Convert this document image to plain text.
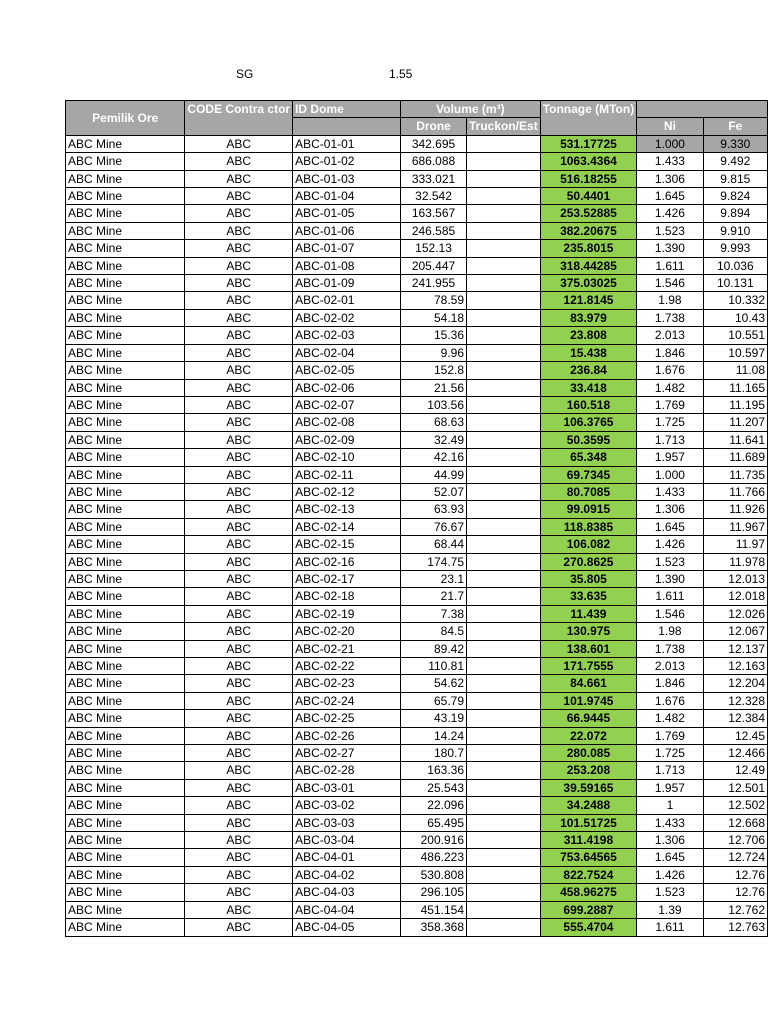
SG	1.55
Pemilik Ore	CODE Contra ctor	ID Dome	Volume (m³)		Tonnage (MTon)		
			Drone	Truckon/Est		Ni	Fe
ABC Mine	ABC	ABC-01-01	342.695		531.17725	1.000	9.330
ABC Mine	ABC	ABC-01-02	686.088		1063.4364	1.433	9.492
ABC Mine	ABC	ABC-01-03	333.021		516.18255	1.306	9.815
ABC Mine	ABC	ABC-01-04	32.542		50.4401	1.645	9.824
ABC Mine	ABC	ABC-01-05	163.567		253.52885	1.426	9.894
ABC Mine	ABC	ABC-01-06	246.585		382.20675	1.523	9.910
ABC Mine	ABC	ABC-01-07	152.13		235.8015	1.390	9.993
ABC Mine	ABC	ABC-01-08	205.447		318.44285	1.611	10.036
ABC Mine	ABC	ABC-01-09	241.955		375.03025	1.546	10.131
ABC Mine	ABC	ABC-02-01	78.59		121.8145	1.98	10.332
ABC Mine	ABC	ABC-02-02	54.18		83.979	1.738	10.43
ABC Mine	ABC	ABC-02-03	15.36		23.808	2.013	10.551
ABC Mine	ABC	ABC-02-04	9.96		15.438	1.846	10.597
ABC Mine	ABC	ABC-02-05	152.8		236.84	1.676	11.08
ABC Mine	ABC	ABC-02-06	21.56		33.418	1.482	11.165
ABC Mine	ABC	ABC-02-07	103.56		160.518	1.769	11.195
ABC Mine	ABC	ABC-02-08	68.63		106.3765	1.725	11.207
ABC Mine	ABC	ABC-02-09	32.49		50.3595	1.713	11.641
ABC Mine	ABC	ABC-02-10	42.16		65.348	1.957	11.689
ABC Mine	ABC	ABC-02-11	44.99		69.7345	1.000	11.735
ABC Mine	ABC	ABC-02-12	52.07		80.7085	1.433	11.766
ABC Mine	ABC	ABC-02-13	63.93		99.0915	1.306	11.926
ABC Mine	ABC	ABC-02-14	76.67		118.8385	1.645	11.967
ABC Mine	ABC	ABC-02-15	68.44		106.082	1.426	11.97
ABC Mine	ABC	ABC-02-16	174.75		270.8625	1.523	11.978
ABC Mine	ABC	ABC-02-17	23.1		35.805	1.390	12.013
ABC Mine	ABC	ABC-02-18	21.7		33.635	1.611	12.018
ABC Mine	ABC	ABC-02-19	7.38		11.439	1.546	12.026
ABC Mine	ABC	ABC-02-20	84.5		130.975	1.98	12.067
ABC Mine	ABC	ABC-02-21	89.42		138.601	1.738	12.137
ABC Mine	ABC	ABC-02-22	110.81		171.7555	2.013	12.163
ABC Mine	ABC	ABC-02-23	54.62		84.661	1.846	12.204
ABC Mine	ABC	ABC-02-24	65.79		101.9745	1.676	12.328
ABC Mine	ABC	ABC-02-25	43.19		66.9445	1.482	12.384
ABC Mine	ABC	ABC-02-26	14.24		22.072	1.769	12.45
ABC Mine	ABC	ABC-02-27	180.7		280.085	1.725	12.466
ABC Mine	ABC	ABC-02-28	163.36		253.208	1.713	12.49
ABC Mine	ABC	ABC-03-01	25.543		39.59165	1.957	12.501
ABC Mine	ABC	ABC-03-02	22.096		34.2488	1	12.502
ABC Mine	ABC	ABC-03-03	65.495		101.51725	1.433	12.668
ABC Mine	ABC	ABC-03-04	200.916		311.4198	1.306	12.706
ABC Mine	ABC	ABC-04-01	486.223		753.64565	1.645	12.724
ABC Mine	ABC	ABC-04-02	530.808		822.7524	1.426	12.76
ABC Mine	ABC	ABC-04-03	296.105		458.96275	1.523	12.76
ABC Mine	ABC	ABC-04-04	451.154		699.2887	1.39	12.762
ABC Mine	ABC	ABC-04-05	358.368		555.4704	1.611	12.763
